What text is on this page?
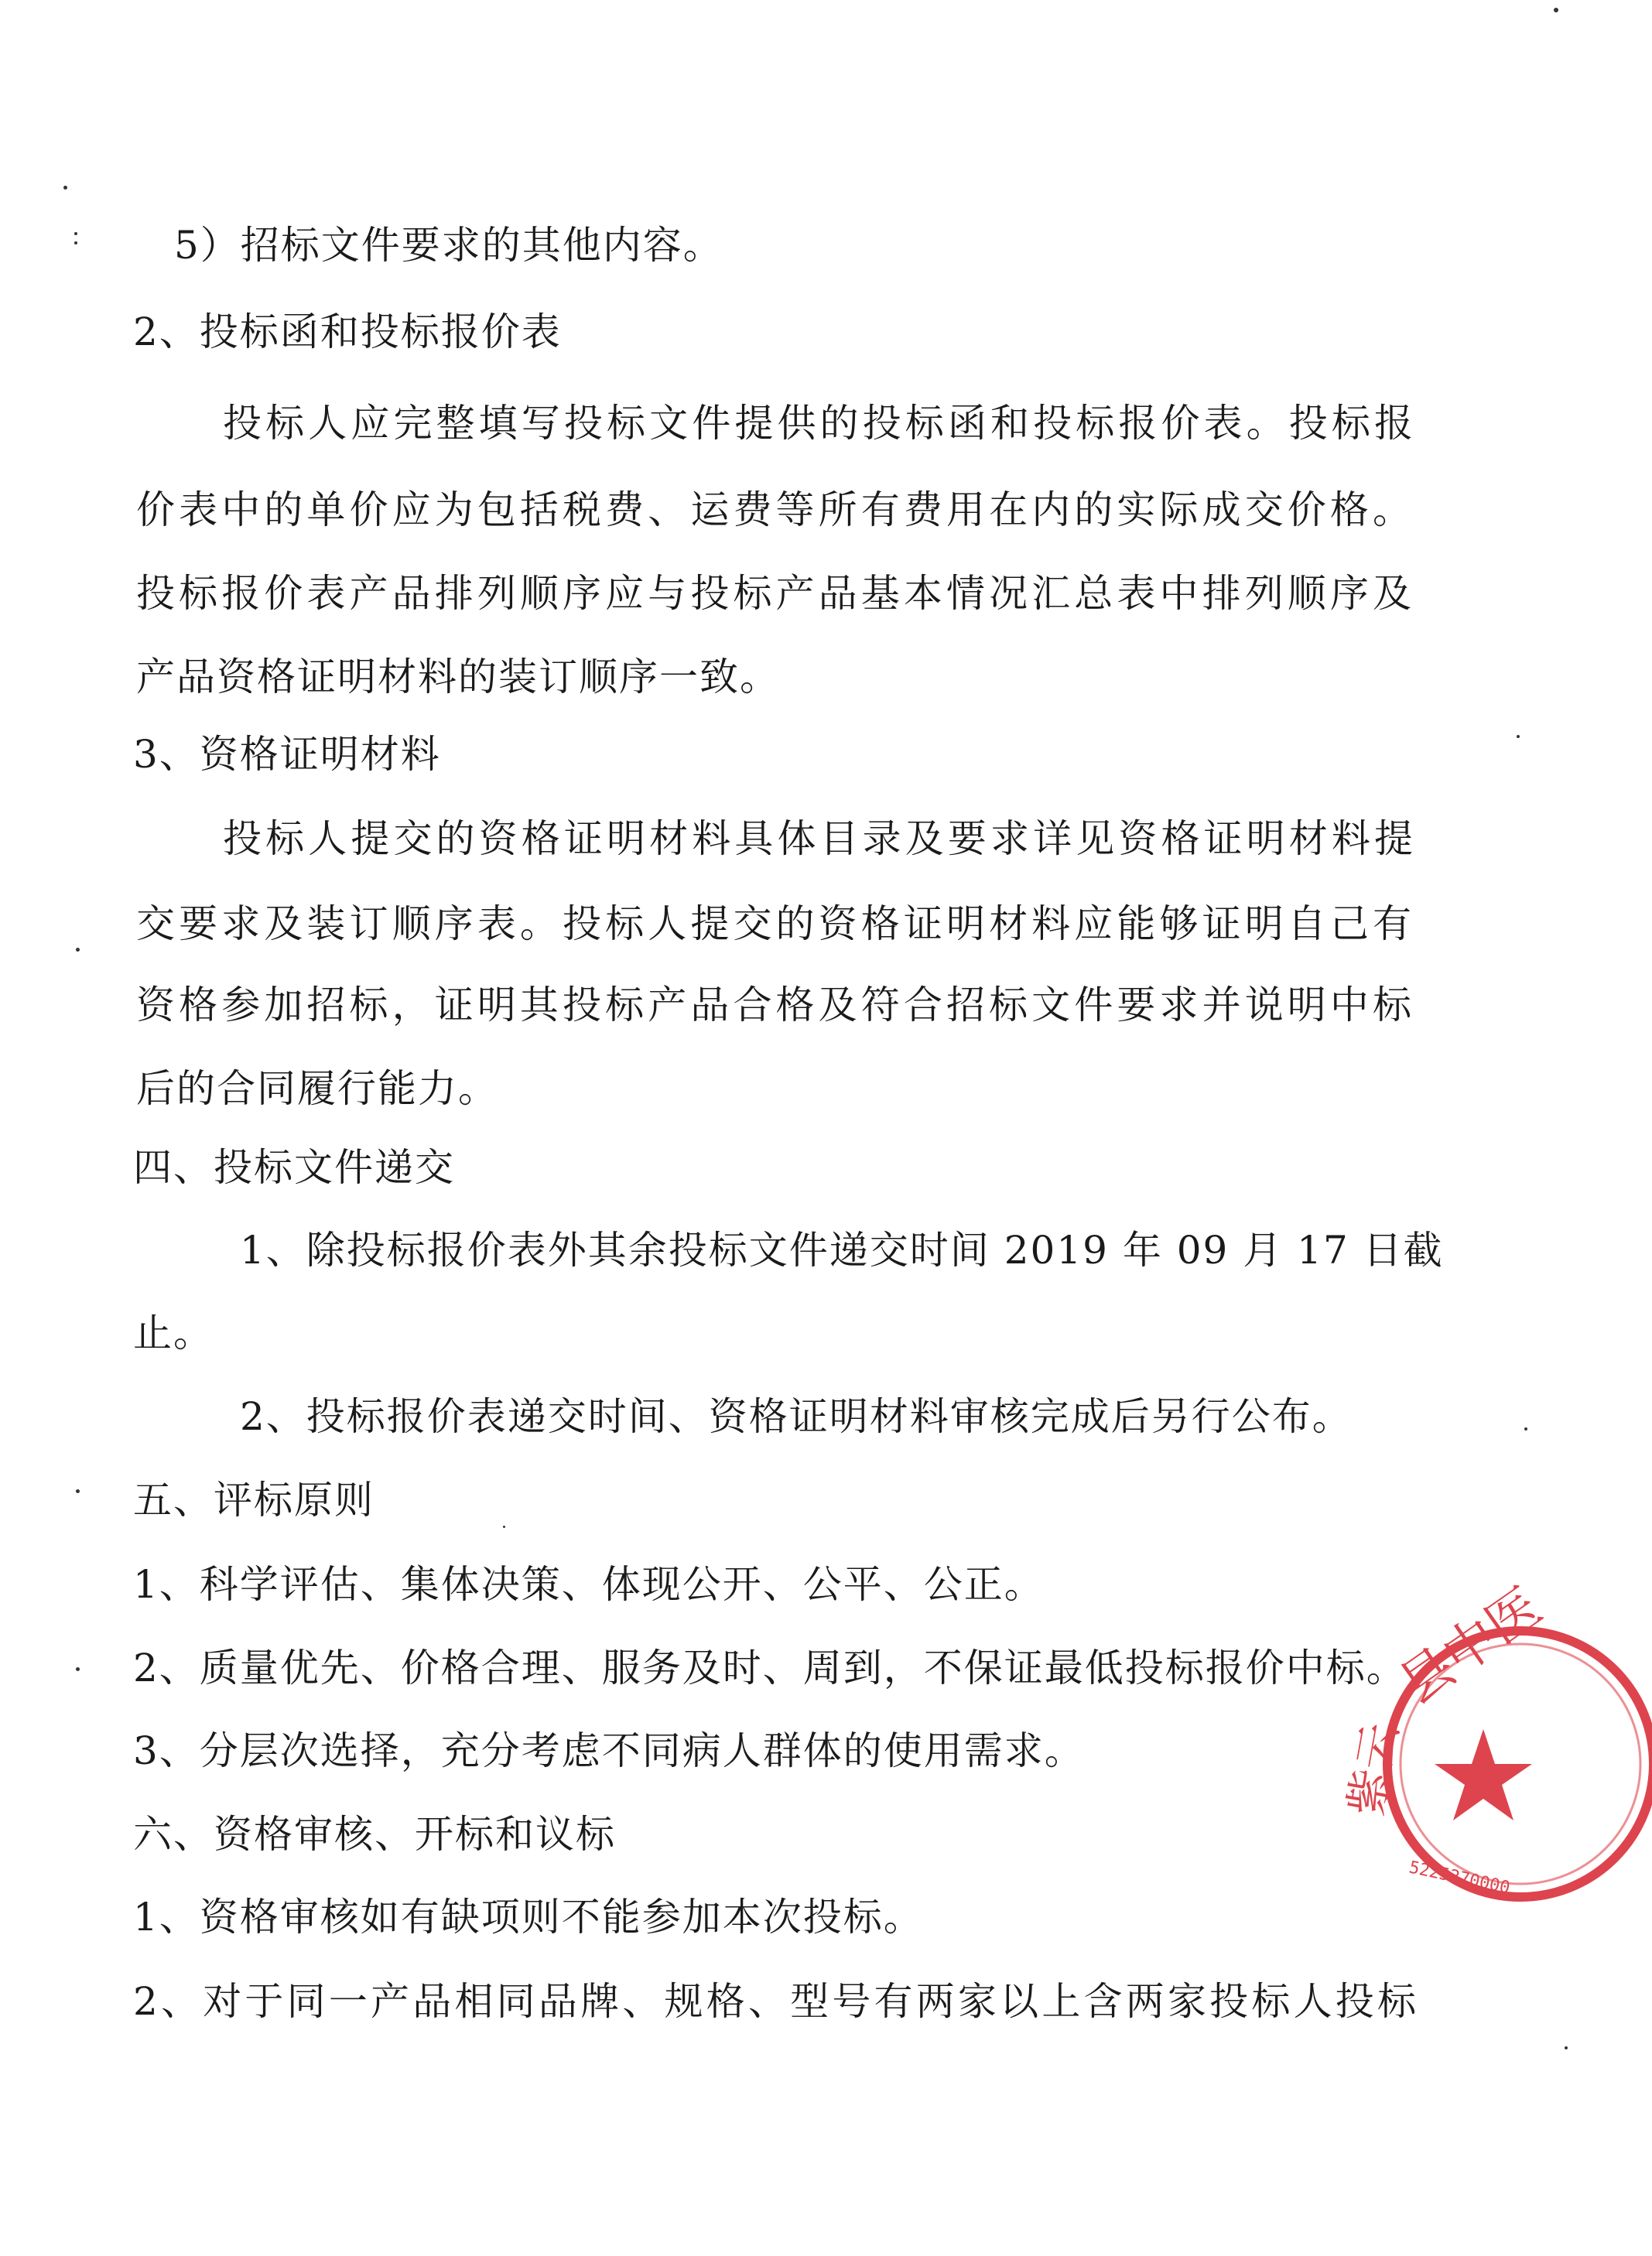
5）招标文件要求的其他内容。
2、投标函和投标报价表
投标人应完整填写投标文件提供的投标函和投标报价表。投标报
价表中的单价应为包括税费、运费等所有费用在内的实际成交价格。
投标报价表产品排列顺序应与投标产品基本情况汇总表中排列顺序及
产品资格证明材料的装订顺序一致。
3、资格证明材料
投标人提交的资格证明材料具体目录及要求详见资格证明材料提
交要求及装订顺序表。投标人提交的资格证明材料应能够证明自己有
资格参加招标，证明其投标产品合格及符合招标文件要求并说明中标
后的合同履行能力。
四、投标文件递交
1、除投标报价表外其余投标文件递交时间 2019 年 09 月 17 日截
止。
2、投标报价表递交时间、资格证明材料审核完成后另行公布。
五、评标原则
1、科学评估、集体决策、体现公开、公平、公正。
2、质量优先、价格合理、服务及时、周到，不保证最低投标报价中标。
3、分层次选择，充分考虑不同病人群体的使用需求。
六、资格审核、开标和议标
1、资格审核如有缺项则不能参加本次投标。
2、对于同一产品相同品牌、规格、型号有两家以上含两家投标人投标
县中医
紫云
5225270000
